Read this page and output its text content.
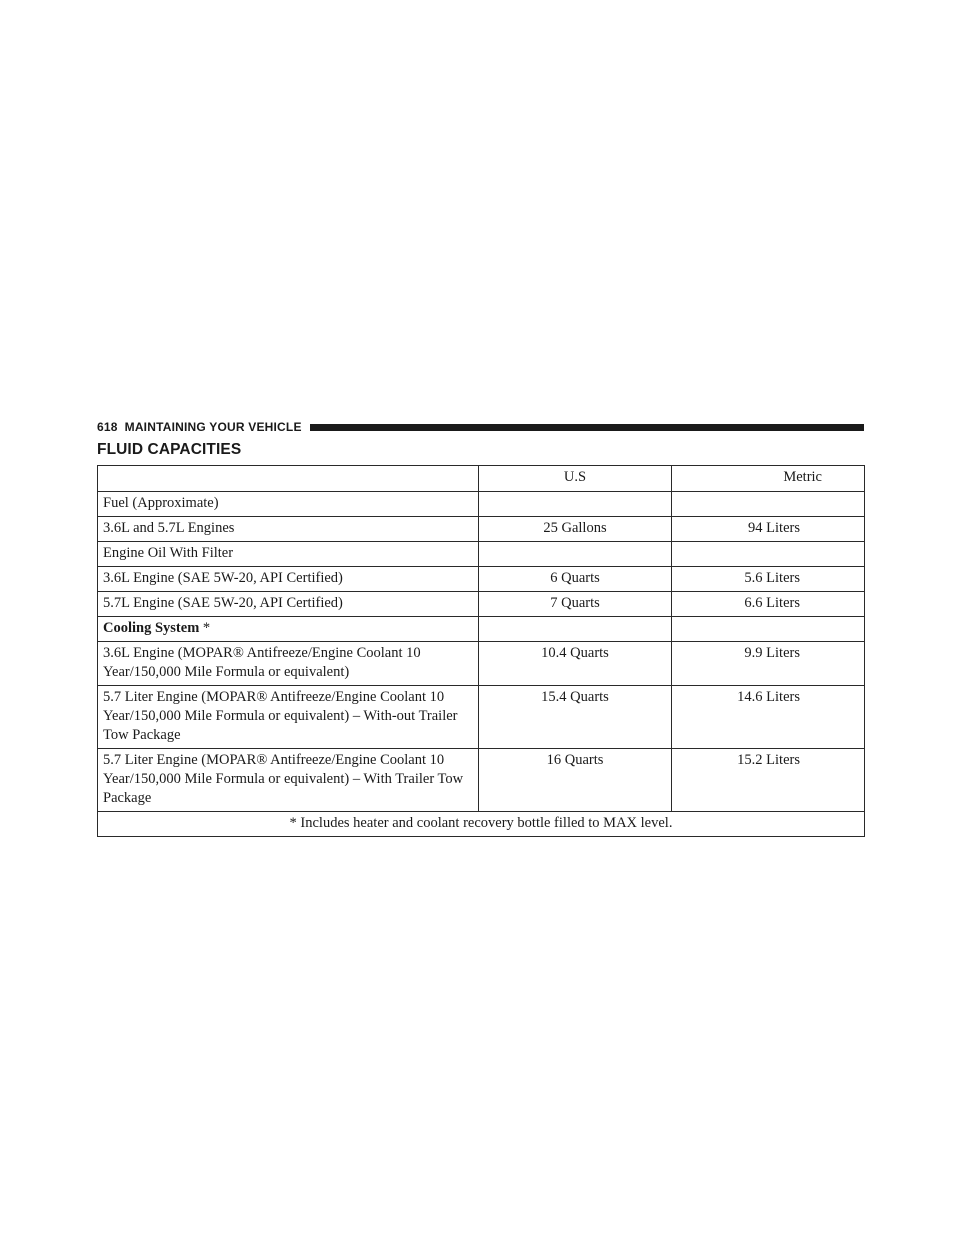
618 MAINTAINING YOUR VEHICLE
FLUID CAPACITIES
	U.S	Metric
Fuel (Approximate)		
3.6L and 5.7L Engines	25 Gallons	94 Liters
Engine Oil With Filter		
3.6L Engine (SAE 5W-20, API Certified)	6 Quarts	5.6 Liters
5.7L Engine (SAE 5W-20, API Certified)	7 Quarts	6.6 Liters
Cooling System *		
3.6L Engine (MOPAR® Antifreeze/Engine Coolant 10 Year/150,000 Mile Formula or equivalent)	10.4 Quarts	9.9 Liters
5.7 Liter Engine (MOPAR® Antifreeze/Engine Coolant 10 Year/150,000 Mile Formula or equivalent) – With-out Trailer Tow Package	15.4 Quarts	14.6 Liters
5.7 Liter Engine (MOPAR® Antifreeze/Engine Coolant 10 Year/150,000 Mile Formula or equivalent) – With Trailer Tow Package	16 Quarts	15.2 Liters
* Includes heater and coolant recovery bottle filled to MAX level.		
